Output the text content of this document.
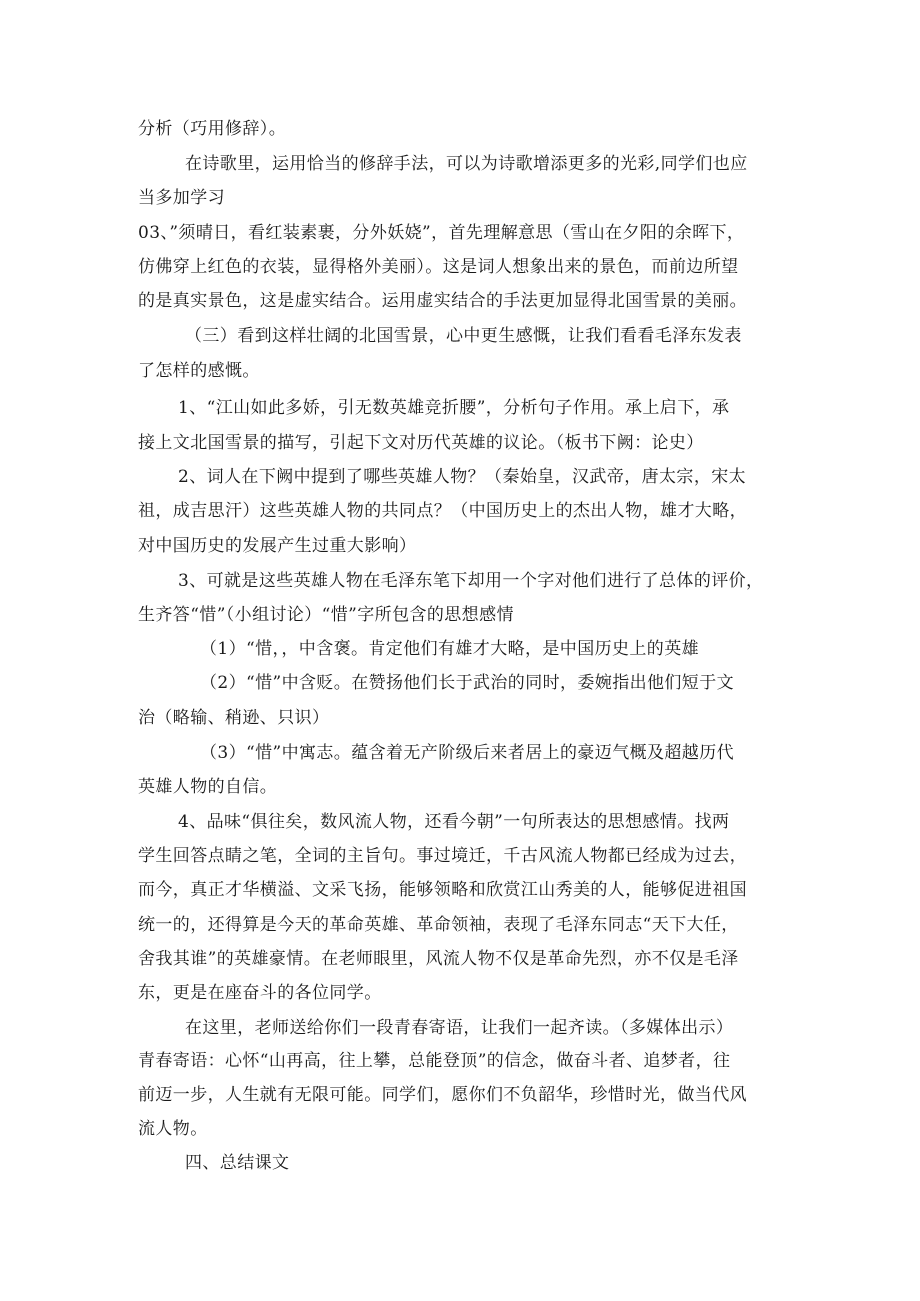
分析（巧用修辞）。
在诗歌里，运用恰当的修辞手法，可以为诗歌增添更多的光彩,同学们也应
当多加学习
03、”须晴日，看红装素裹，分外妖娆”，首先理解意思（雪山在夕阳的余晖下，
仿佛穿上红色的衣装，显得格外美丽）。这是词人想象出来的景色，而前边所望
的是真实景色，这是虚实结合。运用虚实结合的手法更加显得北国雪景的美丽。
（三）看到这样壮阔的北国雪景，心中更生感慨，让我们看看毛泽东发表
了怎样的感慨。
1、“江山如此多娇，引无数英雄竞折腰”，分析句子作用。承上启下，承
接上文北国雪景的描写，引起下文对历代英雄的议论。（板书下阙：论史）
2、词人在下阙中提到了哪些英雄人物？（秦始皇，汉武帝，唐太宗，宋太
祖，成吉思汗）这些英雄人物的共同点？（中国历史上的杰出人物，雄才大略，
对中国历史的发展产生过重大影响）
3、可就是这些英雄人物在毛泽东笔下却用一个字对他们进行了总体的评价，
生齐答“惜”（小组讨论）“惜”字所包含的思想感情
（1）“惜，，中含褒。肯定他们有雄才大略，是中国历史上的英雄
（2）“惜”中含贬。在赞扬他们长于武治的同时，委婉指出他们短于文
治（略输、稍逊、只识）
（3）“惜”中寓志。蕴含着无产阶级后来者居上的豪迈气概及超越历代
英雄人物的自信。
4、品味“俱往矣，数风流人物，还看今朝”一句所表达的思想感情。找两
学生回答点睛之笔，全词的主旨句。事过境迁，千古风流人物都已经成为过去，
而今，真正才华横溢、文采飞扬，能够领略和欣赏江山秀美的人，能够促进祖国
统一的，还得算是今天的革命英雄、革命领袖，表现了毛泽东同志“天下大任，
舍我其谁”的英雄豪情。在老师眼里，风流人物不仅是革命先烈，亦不仅是毛泽
东，更是在座奋斗的各位同学。
在这里，老师送给你们一段青春寄语，让我们一起齐读。（多媒体出示）
青春寄语：心怀“山再高，往上攀，总能登顶”的信念，做奋斗者、追梦者，往
前迈一步，人生就有无限可能。同学们，愿你们不负韶华，珍惜时光，做当代风
流人物。
四、总结课文
